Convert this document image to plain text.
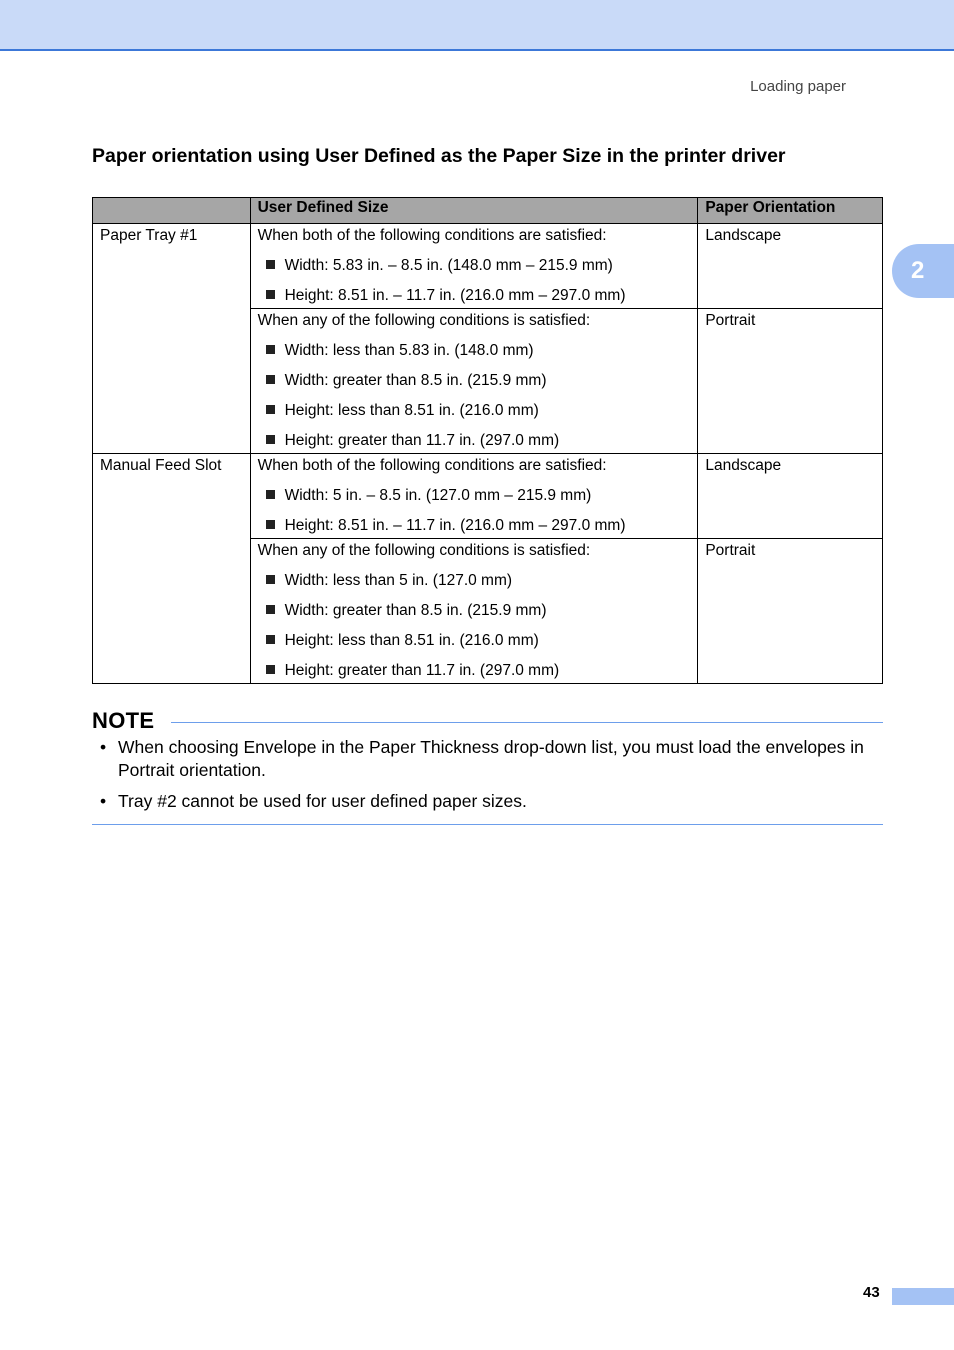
Loading paper
2
Paper orientation using User Defined as the Paper Size in the printer driver
	User Defined Size	Paper Orientation

Paper Tray #1	When both of the following conditions are satisfied:
Width: 5.83 in. – 8.5 in. (148.0 mm – 215.9 mm)
Height: 8.51 in. – 11.7 in. (216.0 mm – 297.0 mm)	Landscape

	When any of the following conditions is satisfied:
Width: less than 5.83 in. (148.0 mm)
Width: greater than 8.5 in. (215.9 mm)
Height: less than 8.51 in. (216.0 mm)
Height: greater than 11.7 in. (297.0 mm)	Portrait

Manual Feed Slot	When both of the following conditions are satisfied:
Width: 5 in. – 8.5 in. (127.0 mm – 215.9 mm)
Height: 8.51 in. – 11.7 in. (216.0 mm – 297.0 mm)	Landscape

	When any of the following conditions is satisfied:
Width: less than 5 in. (127.0 mm)
Width: greater than 8.5 in. (215.9 mm)
Height: less than 8.51 in. (216.0 mm)
Height: greater than 11.7 in. (297.0 mm)	Portrait
NOTE
• When choosing Envelope in the Paper Thickness drop-down list, you must load the envelopes in Portrait orientation.
• Tray #2 cannot be used for user defined paper sizes.
43
